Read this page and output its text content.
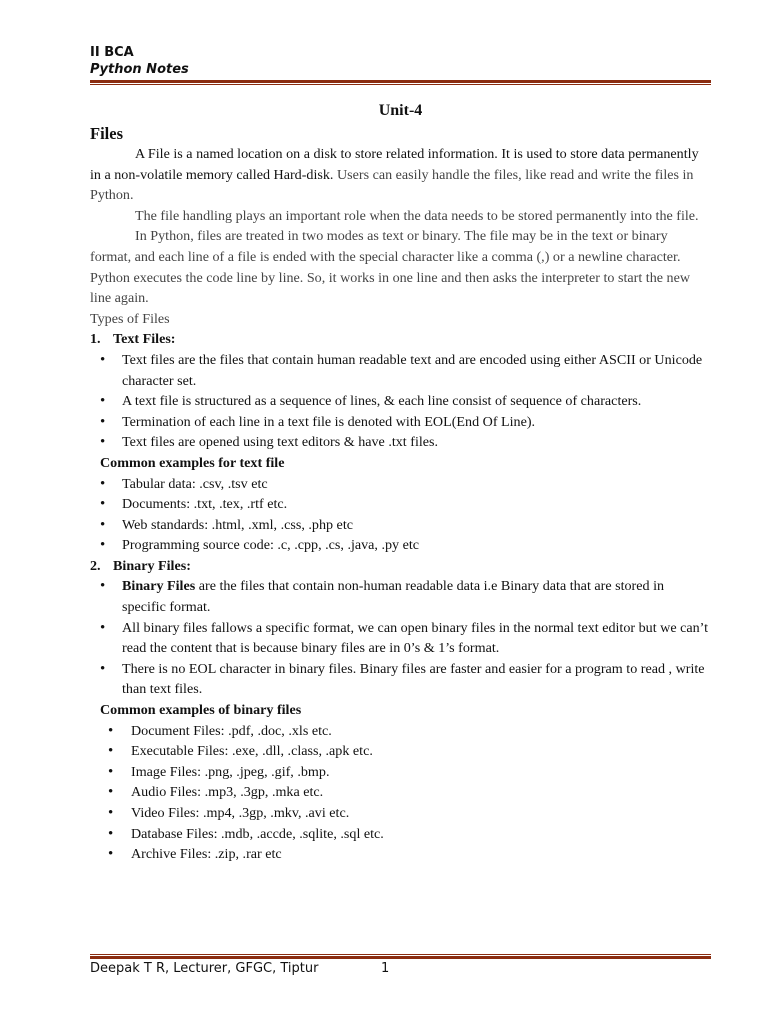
II BCA
Python Notes
Unit-4
Files

A File is a named location on a disk to store related information. It is used to store data permanently in a non-volatile memory called Hard-disk. Users can easily handle the files, like read and write the files in Python.

The file handling plays an important role when the data needs to be stored permanently into the file.

In Python, files are treated in two modes as text or binary. The file may be in the text or binary format, and each line of a file is ended with the special character like a comma (,) or a newline character. Python executes the code line by line. So, it works in one line and then asks the interpreter to start the new line again.

Types of Files
1. Text Files:
• Text files are the files that contain human readable text and are encoded using either ASCII or Unicode character set.
• A text file is structured as a sequence of lines, & each line consist of sequence of characters.
• Termination of each line in a text file is denoted with EOL(End Of Line).
• Text files are opened using text editors & have .txt files.
Common examples for text file
• Tabular data: .csv, .tsv etc
• Documents: .txt, .tex, .rtf etc.
• Web standards: .html, .xml, .css, .php etc
• Programming source code: .c, .cpp, .cs, .java, .py etc
2. Binary Files:
• Binary Files are the files that contain non-human readable data i.e Binary data that are stored in specific format.
• All binary files fallows a specific format, we can open binary files in the normal text editor but we can’t read the content that is because binary files are in 0’s & 1’s format.
• There is no EOL character in binary files. Binary files are faster and easier for a program to read , write than text files.
Common examples of binary files
• Document Files: .pdf, .doc, .xls etc.
• Executable Files: .exe, .dll, .class, .apk etc.
• Image Files: .png, .jpeg, .gif, .bmp.
• Audio Files: .mp3, .3gp, .mka etc.
• Video Files: .mp4, .3gp, .mkv, .avi etc.
• Database Files: .mdb, .accde, .sqlite, .sql etc.
• Archive Files: .zip, .rar etc
Deepak T R, Lecturer, GFGC, Tiptur	1
